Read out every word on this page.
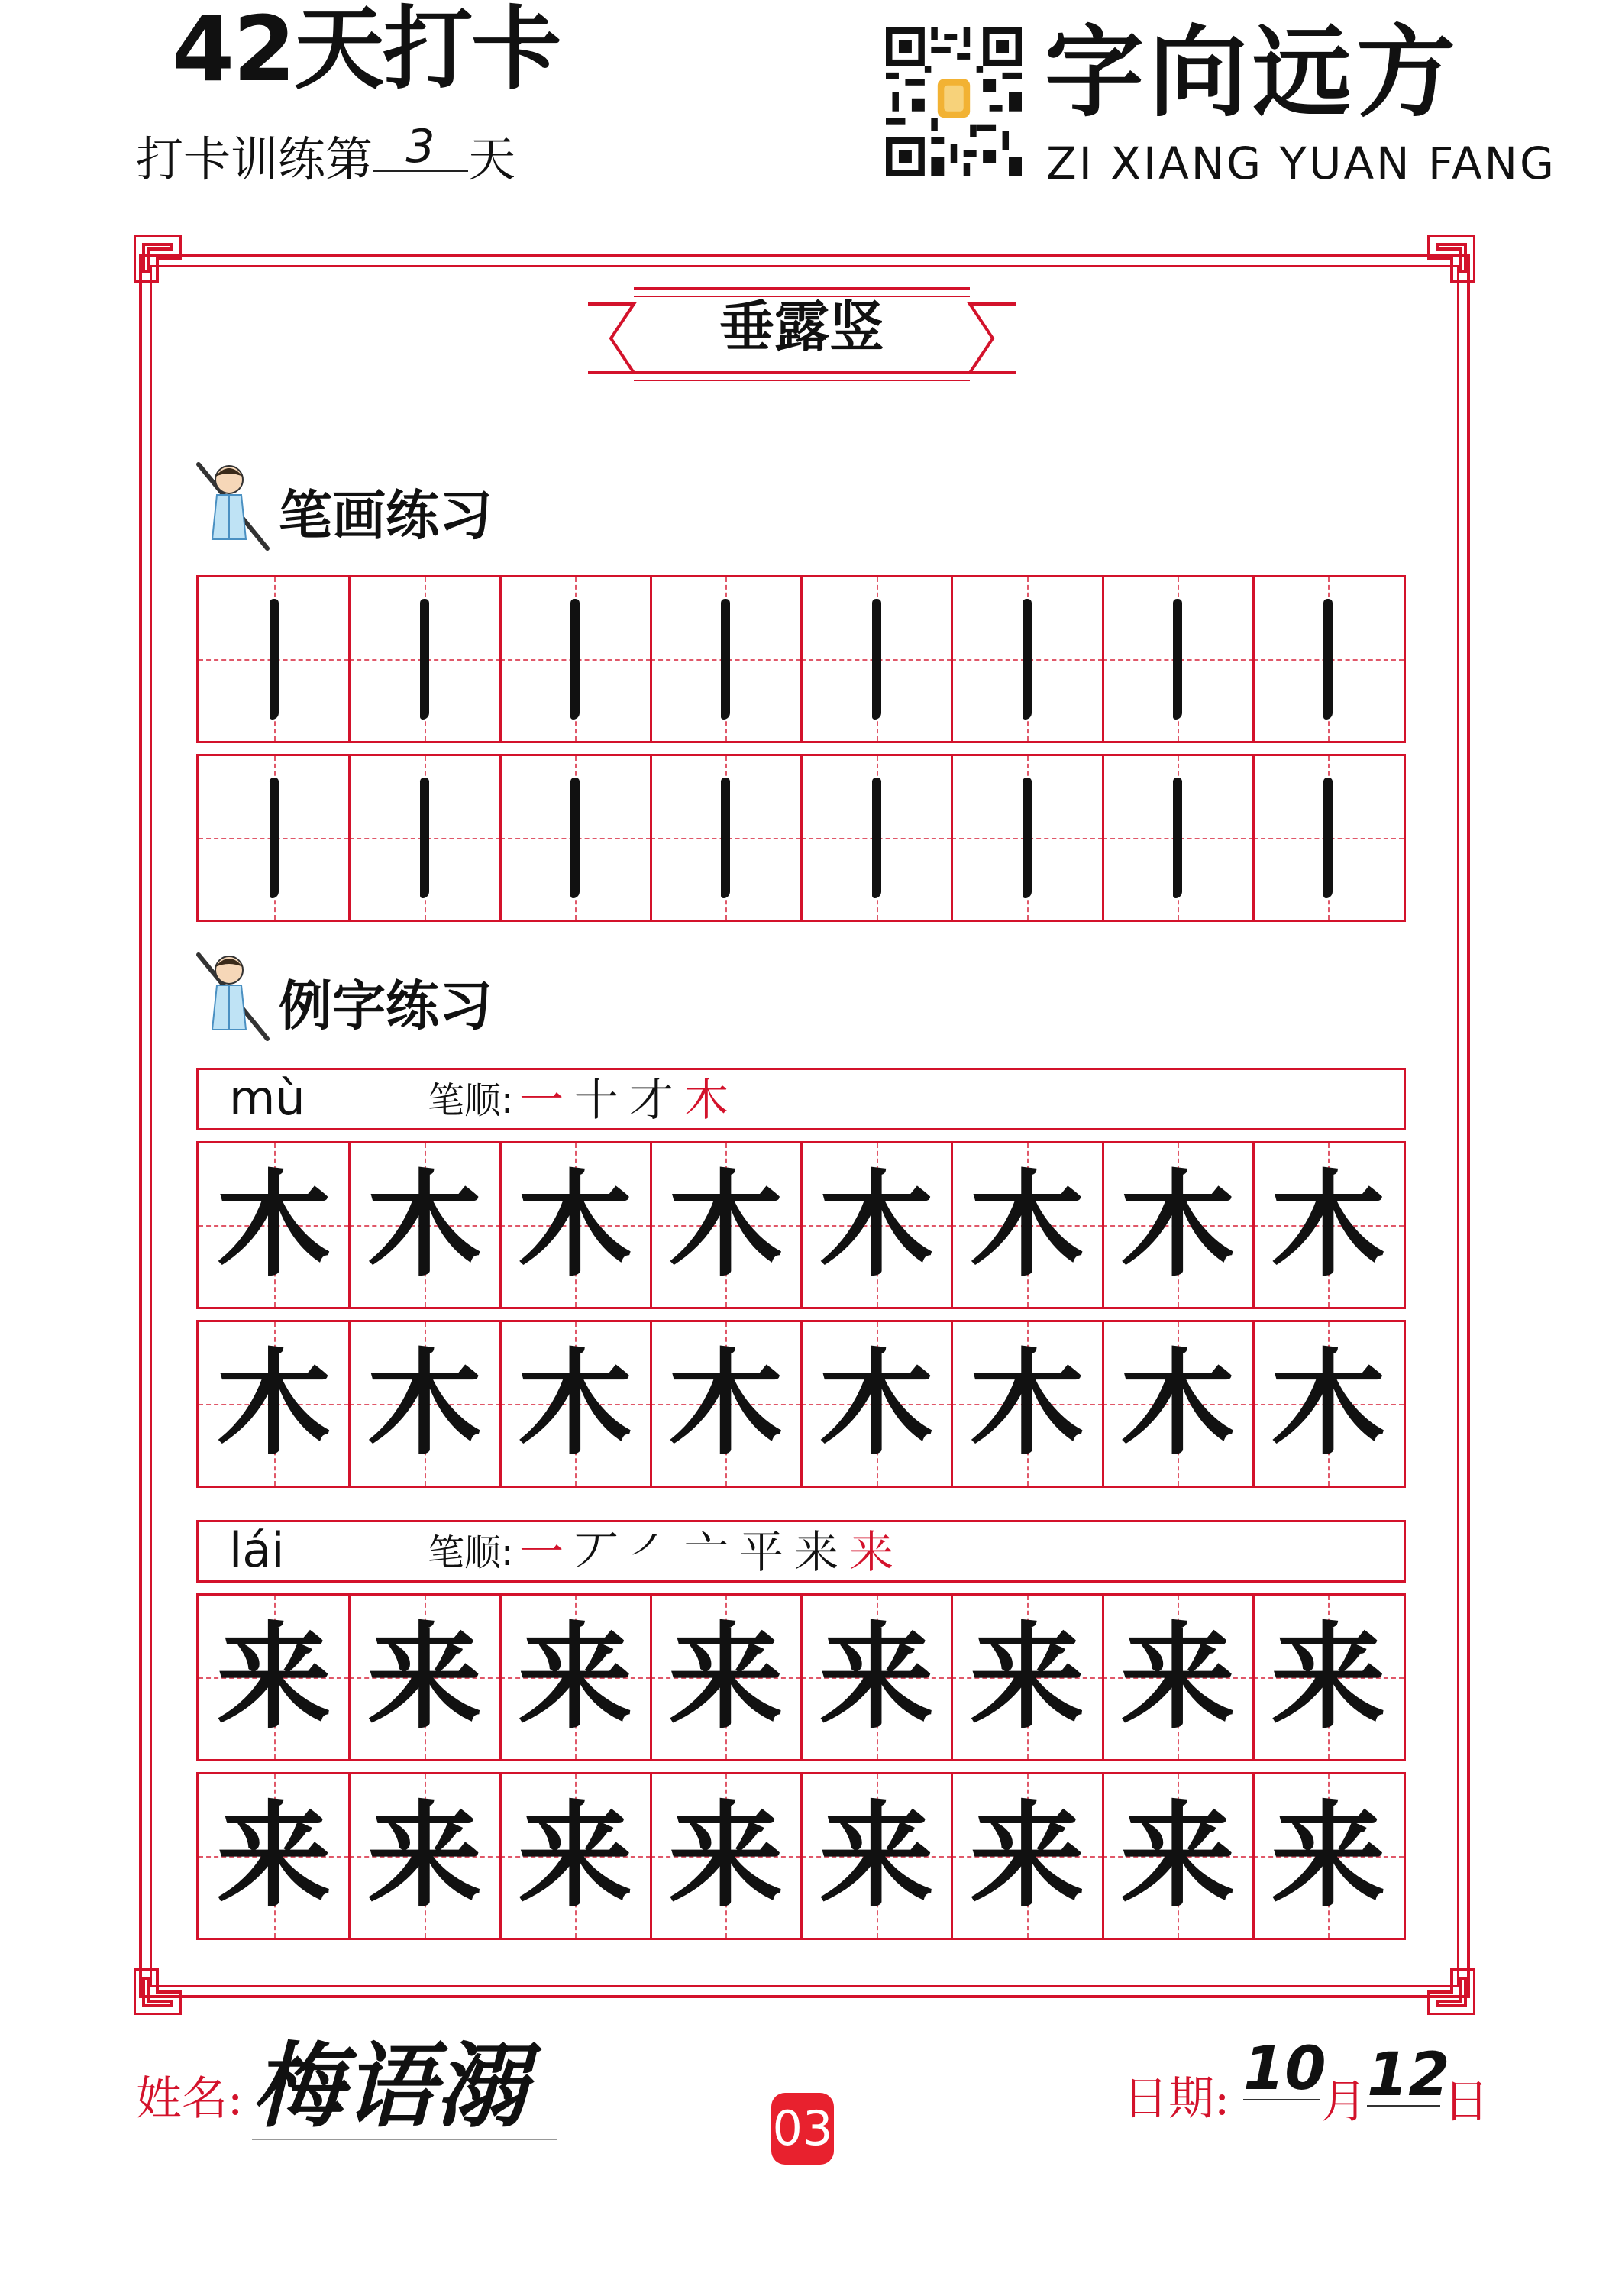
42天打卡
打卡训练第 3 天
字向远方
ZI XIANG YUAN FANG
垂露竖
笔画练习
例字练习
mù	笔顺: 一十才木
木 木 木 木 木 木 木 木
木 木 木 木 木 木 木 木
lái	笔顺: 一丆㇒亠平来来
来 来 来 来 来 来 来 来
来 来 来 来 来 来 来 来
姓名: 梅语溺	03
日期: 10
月 12
日
